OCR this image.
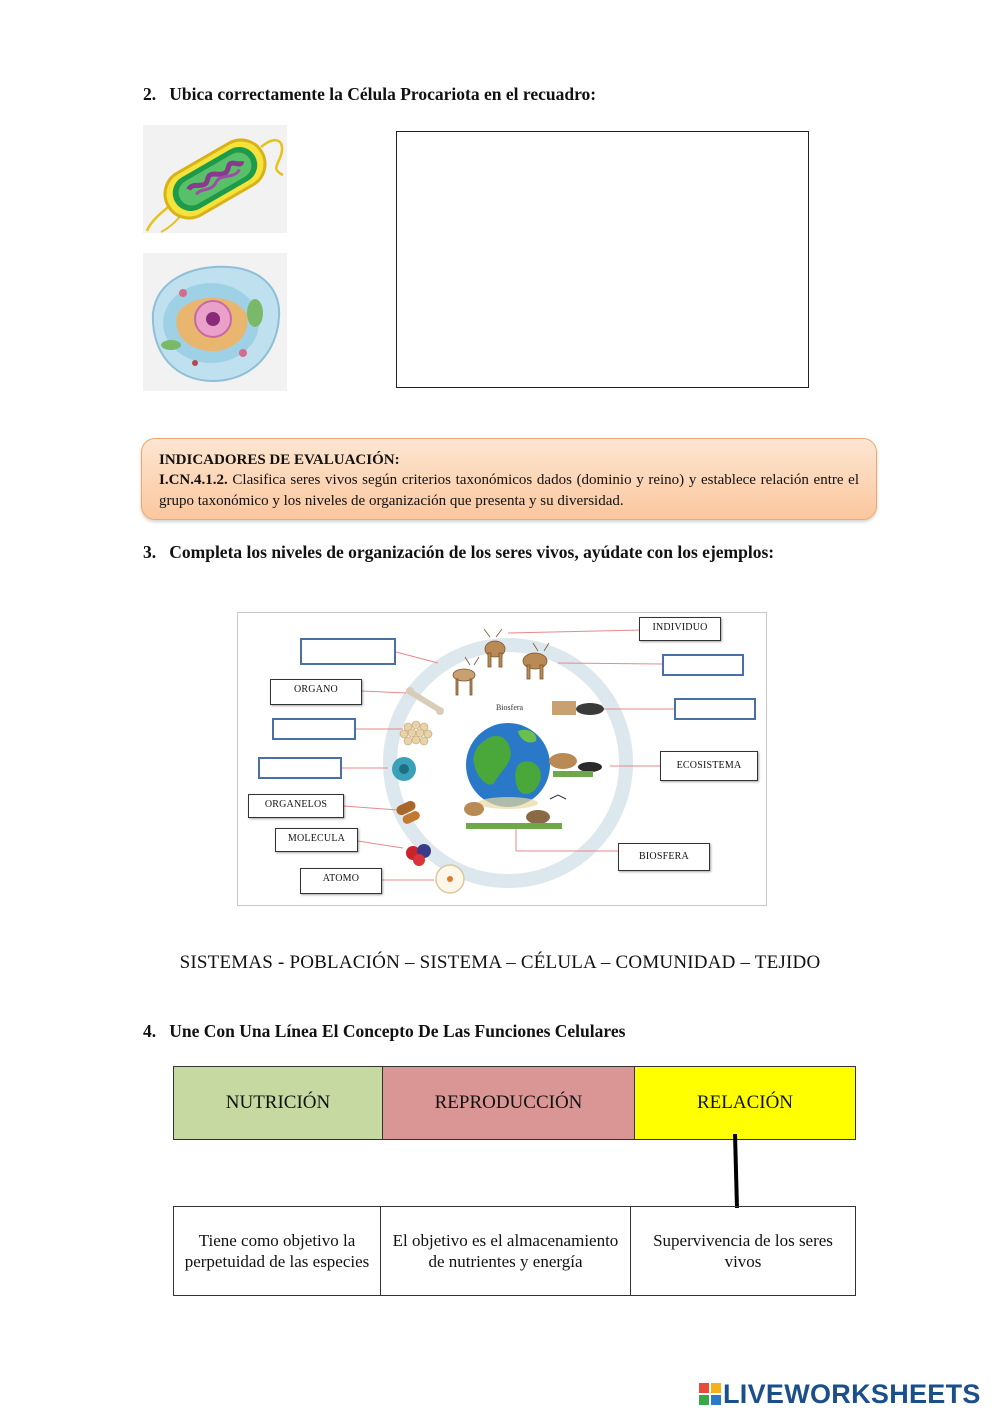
2. Ubica correctamente la Célula Procariota en el recuadro:
INDICADORES DE EVALUACIÓN:
I.CN.4.1.2. Clasifica seres vivos según criterios taxonómicos dados (dominio y reino) y establece relación entre el grupo taxonómico y los niveles de organización que presenta y su diversidad.
3. Completa los niveles de organización de los seres vivos, ayúdate con los ejemplos:
Biosfera
INDIVIDUO
ORGANO
ECOSISTEMA
ORGANELOS
MOLECULA
BIOSFERA
ATOMO
SISTEMAS - POBLACIÓN – SISTEMA – CÉLULA – COMUNIDAD – TEJIDO
4. Une Con Una Línea El Concepto De Las Funciones Celulares
NUTRICIÓN	REPRODUCCIÓN	RELACIÓN
Tiene como objetivo la perpetuidad de las especies	El objetivo es el almacenamiento de nutrientes y energía	Supervivencia de los seres vivos
LIVEWORKSHEETS
